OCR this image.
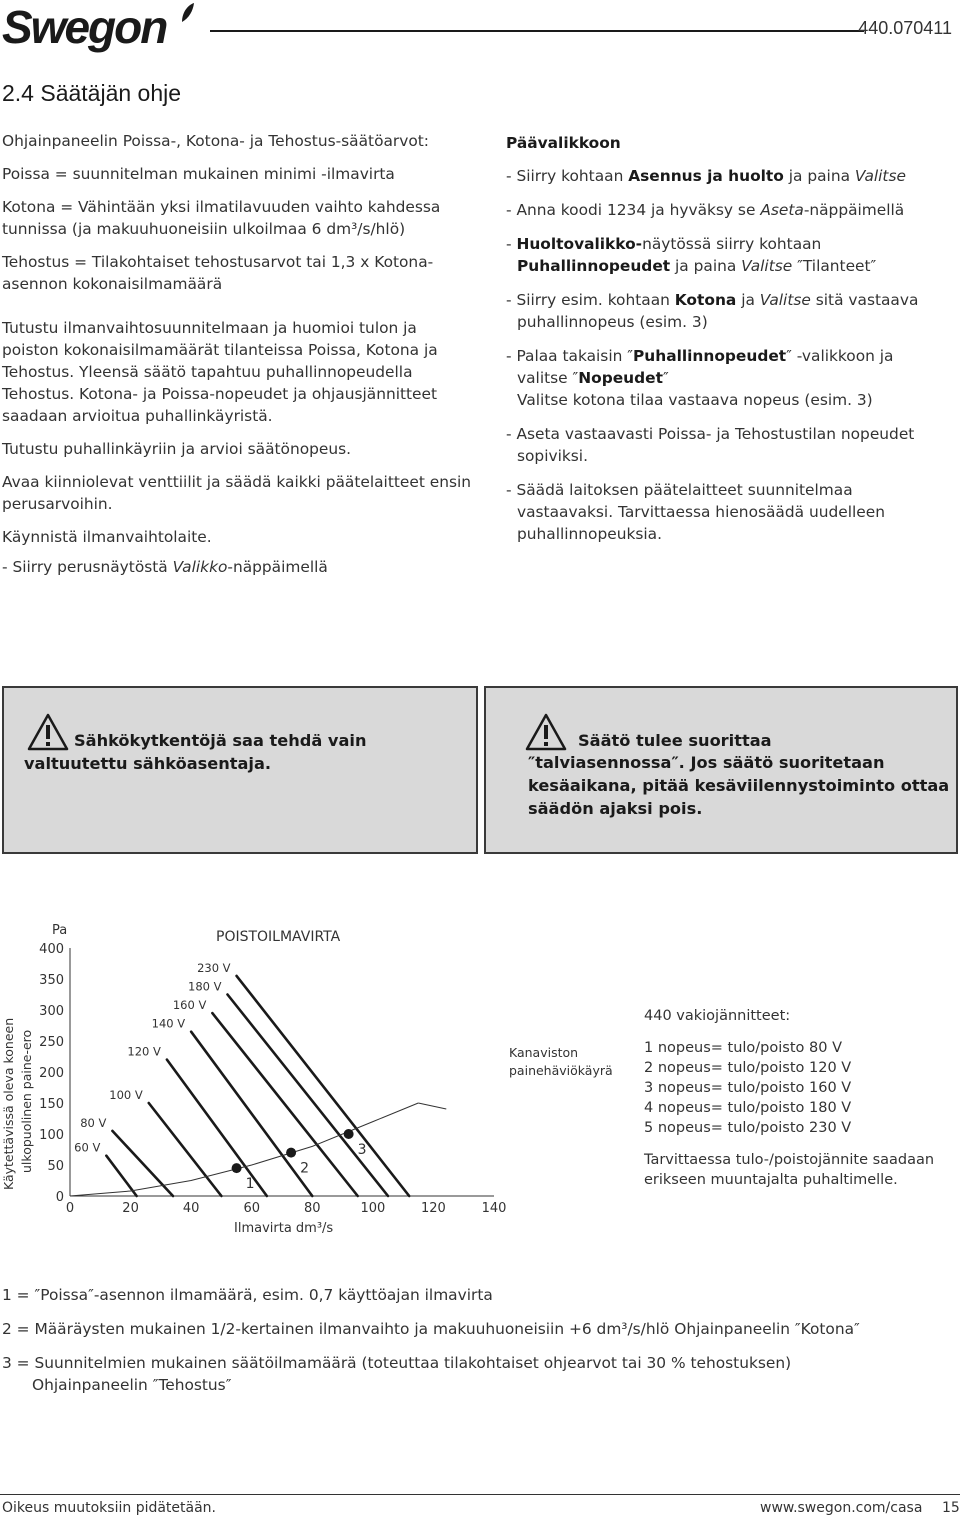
Swegon	440.070411
2.4 Säätäjän ohje

Ohjainpaneelin Poissa-, Kotona- ja Tehostus-säätöarvot:

Poissa = suunnitelman mukainen minimi -ilmavirta

Kotona = Vähintään yksi ilmatilavuuden vaihto kahdessa tunnissa (ja makuuhuoneisiin ulkoilmaa 6 dm³/s/hlö)

Tehostus = Tilakohtaiset tehostusarvot tai 1,3 x Kotona-asennon kokonaisilmamäärä

Tutustu ilmanvaihtosuunnitelmaan ja huomioi tulon ja poiston kokonaisilmamäärät tilanteissa Poissa, Kotona ja Tehostus. Yleensä säätö tapahtuu puhallinnopeudella Tehostus. Kotona- ja Poissa-nopeudet ja ohjausjännitteet saadaan arvioitua puhallinkäyristä.

Tutustu puhallinkäyriin ja arvioi säätönopeus.

Avaa kiinniolevat venttiilit ja säädä kaikki päätelaitteet ensin perusarvoihin.

Käynnistä ilmanvaihtolaite.

- Siirry perusnäytöstä Valikko-näppäimellä

Päävalikkoon

- Siirry kohtaan Asennus ja huolto ja paina Valitse

- Anna koodi 1234 ja hyväksy se Aseta-näppäimellä

- Huoltovalikko-näytössä siirry kohtaan
Puhallinnopeudet ja paina Valitse ″Tilanteet″

- Siirry esim. kohtaan Kotona ja Valitse sitä vastaava puhallinnopeus (esim. 3)

- Palaa takaisin ″Puhallinnopeudet″ -valikkoon ja valitse ″Nopeudet″
Valitse kotona tilaa vastaava nopeus (esim. 3)

- Aseta vastaavasti Poissa- ja Tehostustilan nopeudet sopiviksi.

- Säädä laitoksen päätelaitteet suunnitelmaa vastaavaksi. Tarvittaessa hienosäädä uudelleen puhallinnopeuksia.

Sähkökytkentöjä saa tehdä vain valtuutettu sähköasentaja.
Säätö tulee suorittaa
″talviasennossa″. Jos säätö suoritetaan
kesäaikana, pitää kesäviilennystoiminto ottaa
säädön ajaksi pois.
0	20	40	60	80	100	120	140
0
50
100
150
200
250
300
350
400
60 V
80 V
100 V
120 V
140 V
160 V
180 V
230 V
1
2
3
POISTOILMAVIRTA
Ilmavirta dm³/s
Pa
Käytettävissä oleva koneen ulkopuolinen paine-ero	Kanaviston
painehäviökäyrä
440 vakiojännitteet:
1 nopeus= tulo/poisto 80 V
2 nopeus= tulo/poisto 120 V
3 nopeus= tulo/poisto 160 V
4 nopeus= tulo/poisto 180 V
5 nopeus= tulo/poisto 230 V
Tarvittaessa tulo-/poistojännite saadaan erikseen muuntajalta puhaltimelle.

1 = ″Poissa″-asennon ilmamäärä, esim. 0,7 käyttöajan ilmavirta

2 = Määräysten mukainen 1/2-kertainen ilmanvaihto ja makuuhuoneisiin +6 dm³/s/hlö Ohjainpaneelin ″Kotona″

3 = Suunnitelmien mukainen säätöilmamäärä (toteuttaa tilakohtaiset ohjearvot tai 30 % tehostuksen)

Ohjainpaneelin ″Tehostus″

Oikeus muutoksiin pidätetään.	www.swegon.com/casa 15
